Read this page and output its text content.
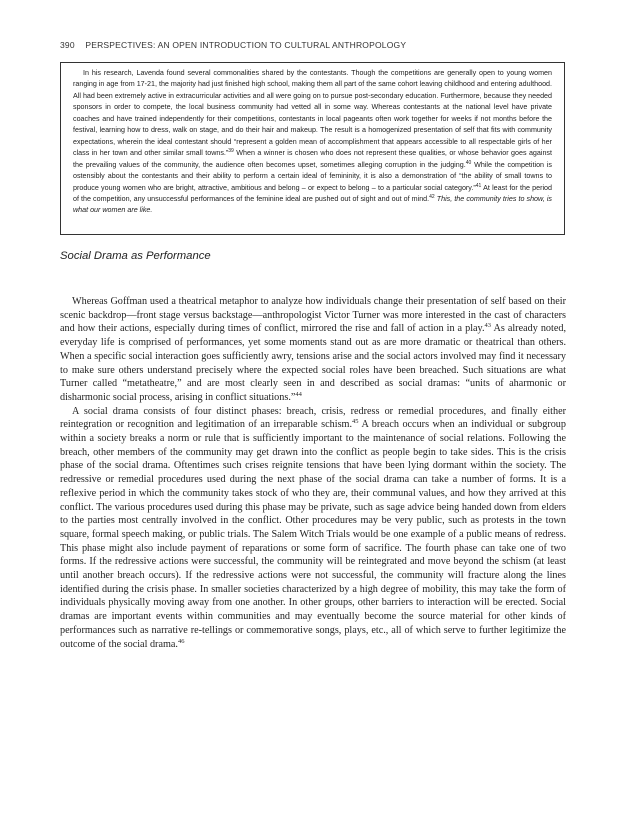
390 PERSPECTIVES: AN OPEN INTRODUCTION TO CULTURAL ANTHROPOLOGY

In his research, Lavenda found several commonalities shared by the contestants. Though the competitions are generally open to young women ranging in age from 17-21, the majority had just finished high school, making them all part of the same cohort leaving childhood and entering adulthood. All had been extremely active in extracurricular activities and all were going on to pursue post-secondary education. Furthermore, because they needed sponsors in order to compete, the local business community had vetted all in some way. Whereas contestants at the national level have private coaches and have trained independently for their competitions, contestants in local pageants often work together for weeks if not months before the festival, learning how to dress, walk on stage, and do their hair and makeup. The result is a homogenized presentation of self that fits with community expectations, wherein the ideal contestant should “represent a golden mean of accomplishment that appears accessible to all respectable girls of her class in her town and other similar small towns.”$^{39}$ When a winner is chosen who does not represent these qualities, or whose behavior goes against the prevailing values of the community, the audience often becomes upset, sometimes alleging corruption in the judging.$^{40}$ While the competition is ostensibly about the contestants and their ability to perform a certain ideal of femininity, it is also a demonstration of “the ability of small towns to produce young women who are bright, attractive, ambitious and belong – or expect to belong – to a particular social category.”$^{41}$ At least for the period of the competition, any unsuccessful performances of the feminine ideal are pushed out of sight and out of mind.$^{42}$ This, the community tries to show, is what our women are like.

Social Drama as Performance

Whereas Goffman used a theatrical metaphor to analyze how individuals change their presentation of self based on their scenic backdrop—front stage versus backstage—anthropologist Victor Turner was more interested in the cast of characters and how their actions, especially during times of conflict, mirrored the rise and fall of action in a play.$^{43}$ As already noted, everyday life is comprised of performances, yet some moments stand out as are more dramatic or theatrical than others. When a specific social interaction goes sufficiently awry, tensions arise and the social actors involved may find it necessary to make sure others understand precisely where the expected social roles have been breached. Such situations are what Turner called “metatheatre,” and are most clearly seen in and described as social dramas: “units of aharmonic or disharmonic social process, arising in conflict situations.”$^{44}$

A social drama consists of four distinct phases: breach, crisis, redress or remedial procedures, and finally either reintegration or recognition and legitimation of an irreparable schism.$^{45}$ A breach occurs when an individual or subgroup within a society breaks a norm or rule that is sufficiently important to the maintenance of social relations. Following the breach, other members of the community may get drawn into the conflict as people begin to take sides. This is the crisis phase of the social drama. Oftentimes such crises reignite tensions that have been lying dormant within the society. The redressive or remedial procedures used during the next phase of the social drama can take a number of forms. It is a reflexive period in which the community takes stock of who they are, their communal values, and how they arrived at this conflict. The various procedures used during this phase may be private, such as sage advice being handed down from elders to the parties most centrally involved in the conflict. Other procedures may be very public, such as protests in the town square, formal speech making, or public trials. The Salem Witch Trials would be one example of a public means of redress. This phase might also include payment of reparations or some form of sacrifice. The fourth phase can take one of two forms. If the redressive actions were successful, the community will be reintegrated and move beyond the schism (at least until another breach occurs). If the redressive actions were not successful, the community will fracture along the lines identified during the crisis phase. In smaller societies characterized by a high degree of mobility, this may take the form of individuals physically moving away from one another. In other groups, other barriers to interaction will be erected. Social dramas are important events within communities and may eventually become the source material for other kinds of performances such as narrative re-tellings or commemorative songs, plays, etc., all of which serve to further legitimize the outcome of the social drama.$^{46}$
